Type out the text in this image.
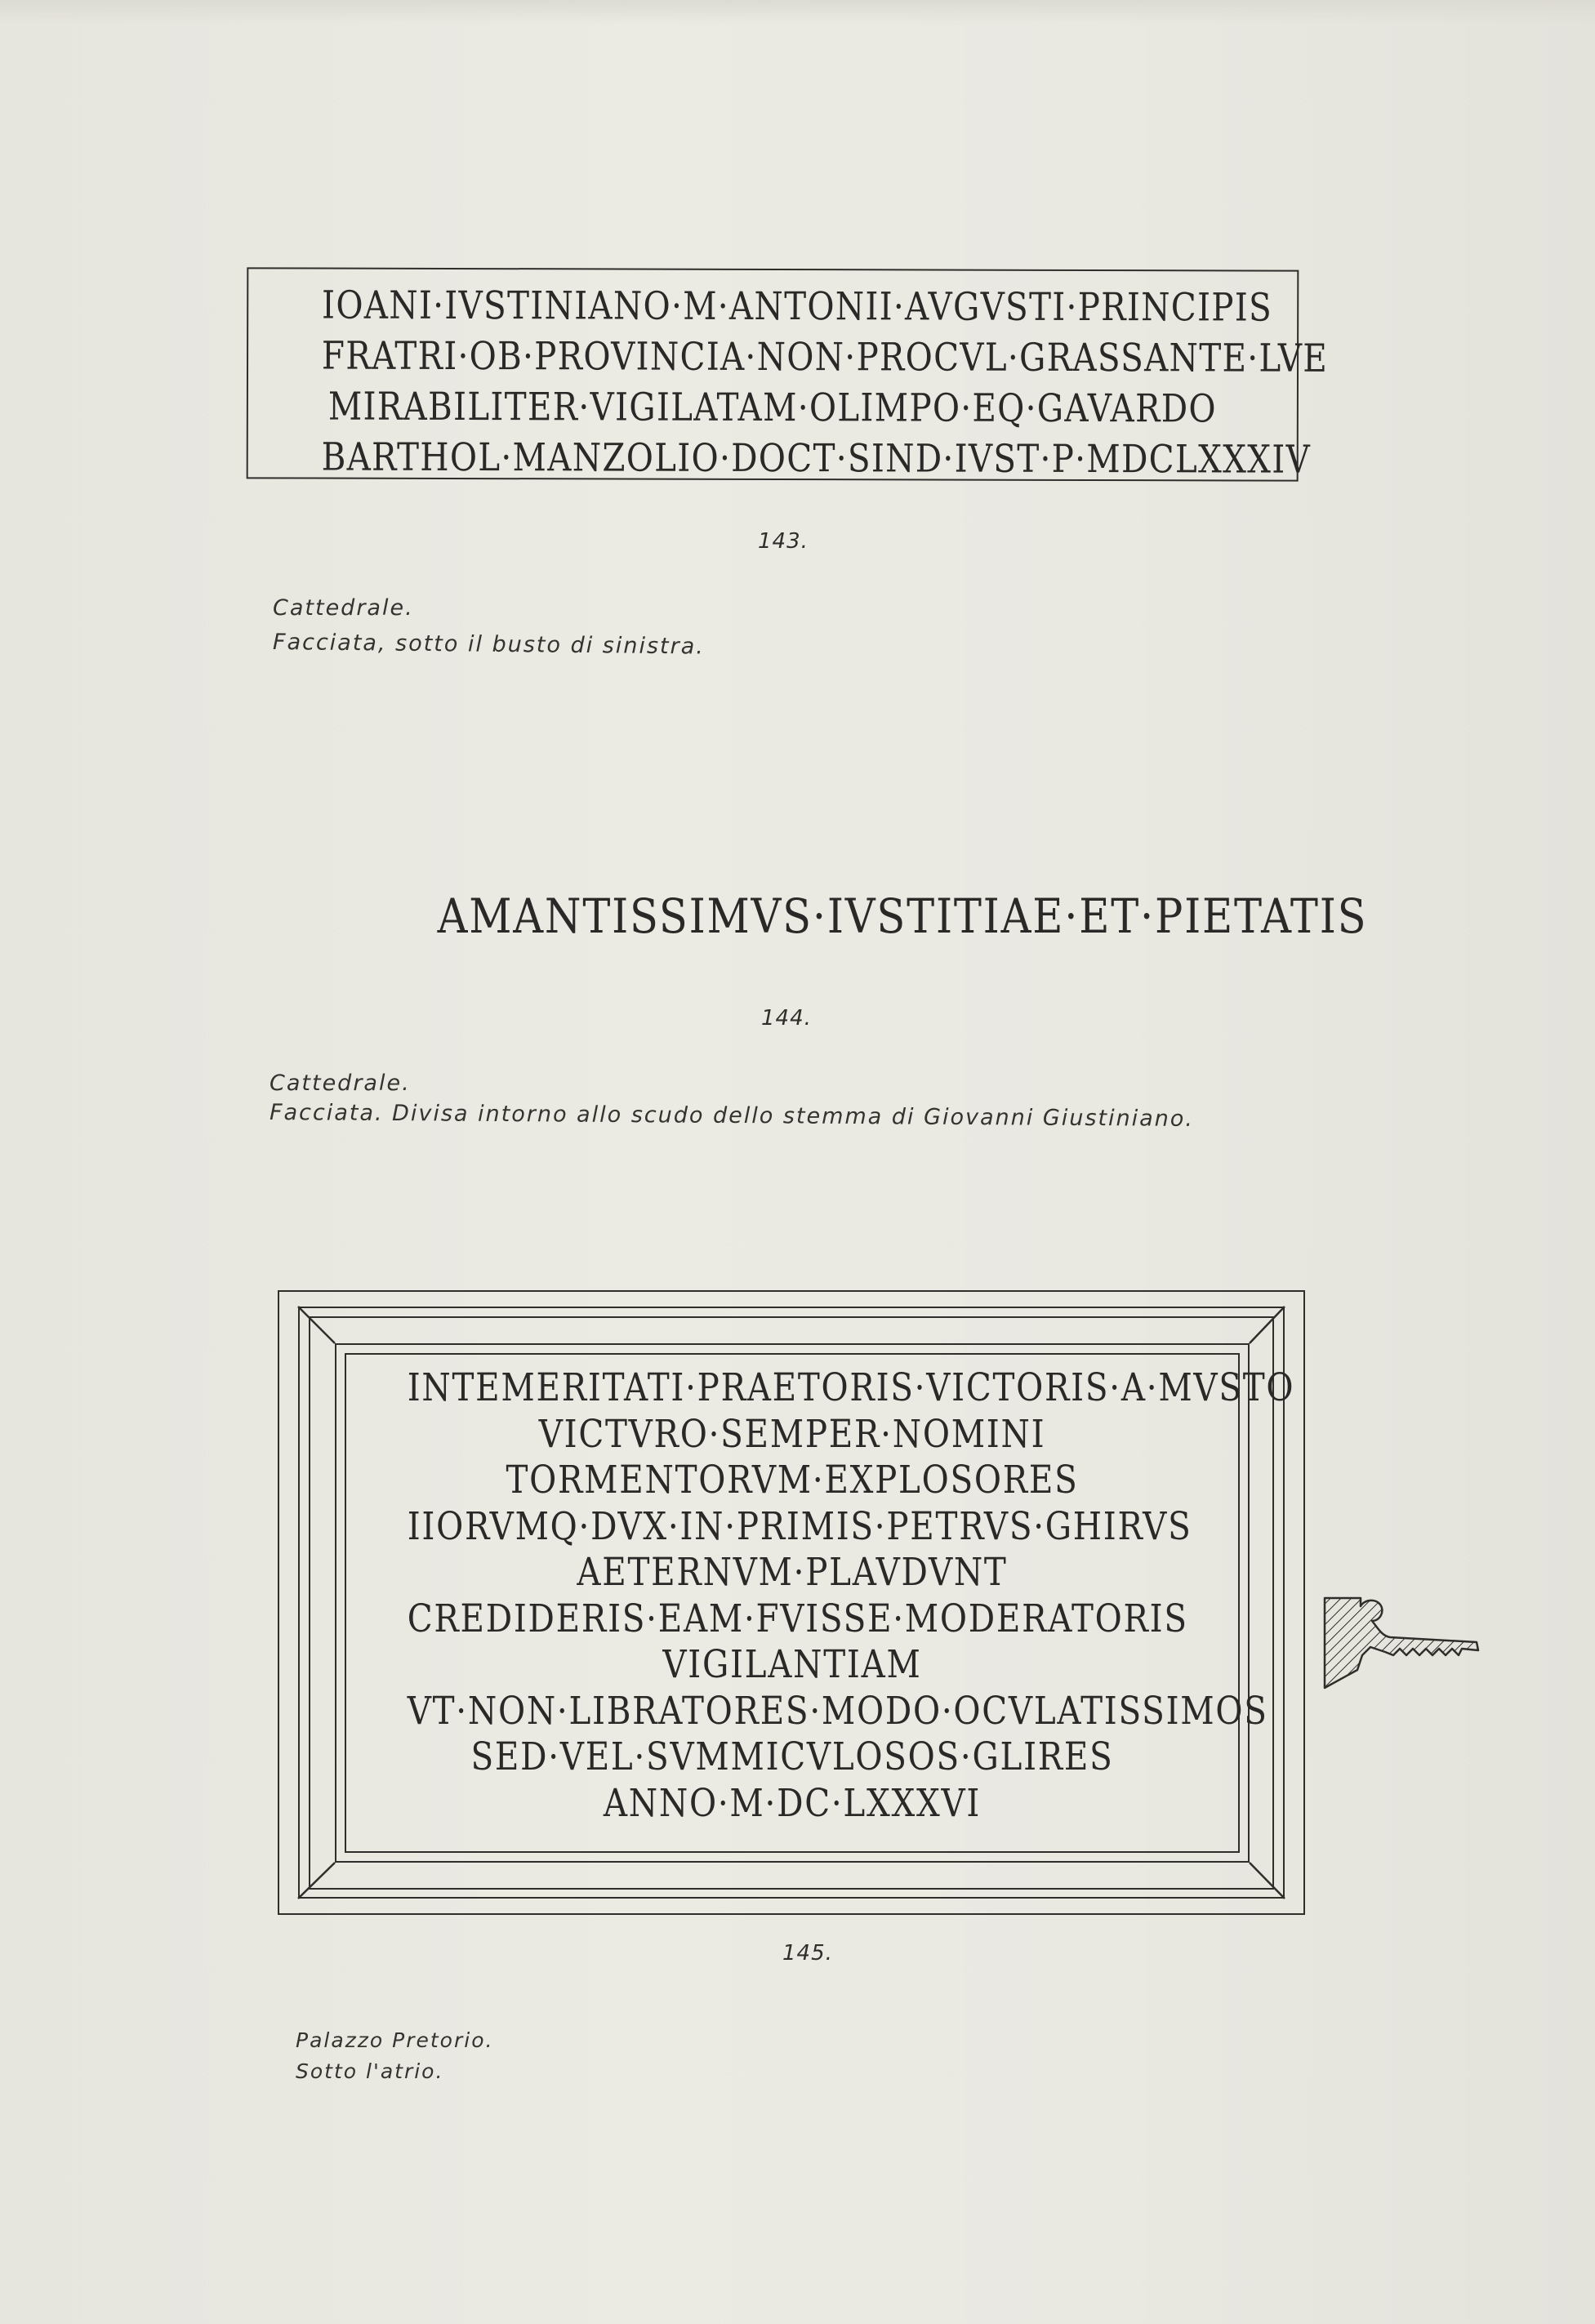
IOANI·IVSTINIANO·M·ANTONII·AVGVSTI·PRINCIPIS
FRATRI·OB·PROVINCIA·NON·PROCVL·GRASSANTE·LVE
MIRABILITER·VIGILATAM·OLIMPO·EQ·GAVARDO
BARTHOL·MANZOLIO·DOCT·SIND·IVST·P·MDCLXXXIV
143.
Cattedrale.
Facciata, sotto il busto di sinistra.
AMANTISSIMVS·IVSTITIAE·ET·PIETATIS
144.
Cattedrale.
Facciata. Divisa intorno allo scudo dello stemma di Giovanni Giustiniano.
INTEMERITATI·PRAETORIS·VICTORIS·A·MVSTO
VICTVRO·SEMPER·NOMINI
TORMENTORVM·EXPLOSORES
IIORVMQ·DVX·IN·PRIMIS·PETRVS·GHIRVS
AETERNVM·PLAVDVNT
CREDIDERIS·EAM·FVISSE·MODERATORIS
VIGILANTIAM
VT·NON·LIBRATORES·MODO·OCVLATISSIMOS
SED·VEL·SVMMICVLOSOS·GLIRES
ANNO·M·DC·LXXXVI
145.
Palazzo Pretorio.
Sotto l'atrio.
